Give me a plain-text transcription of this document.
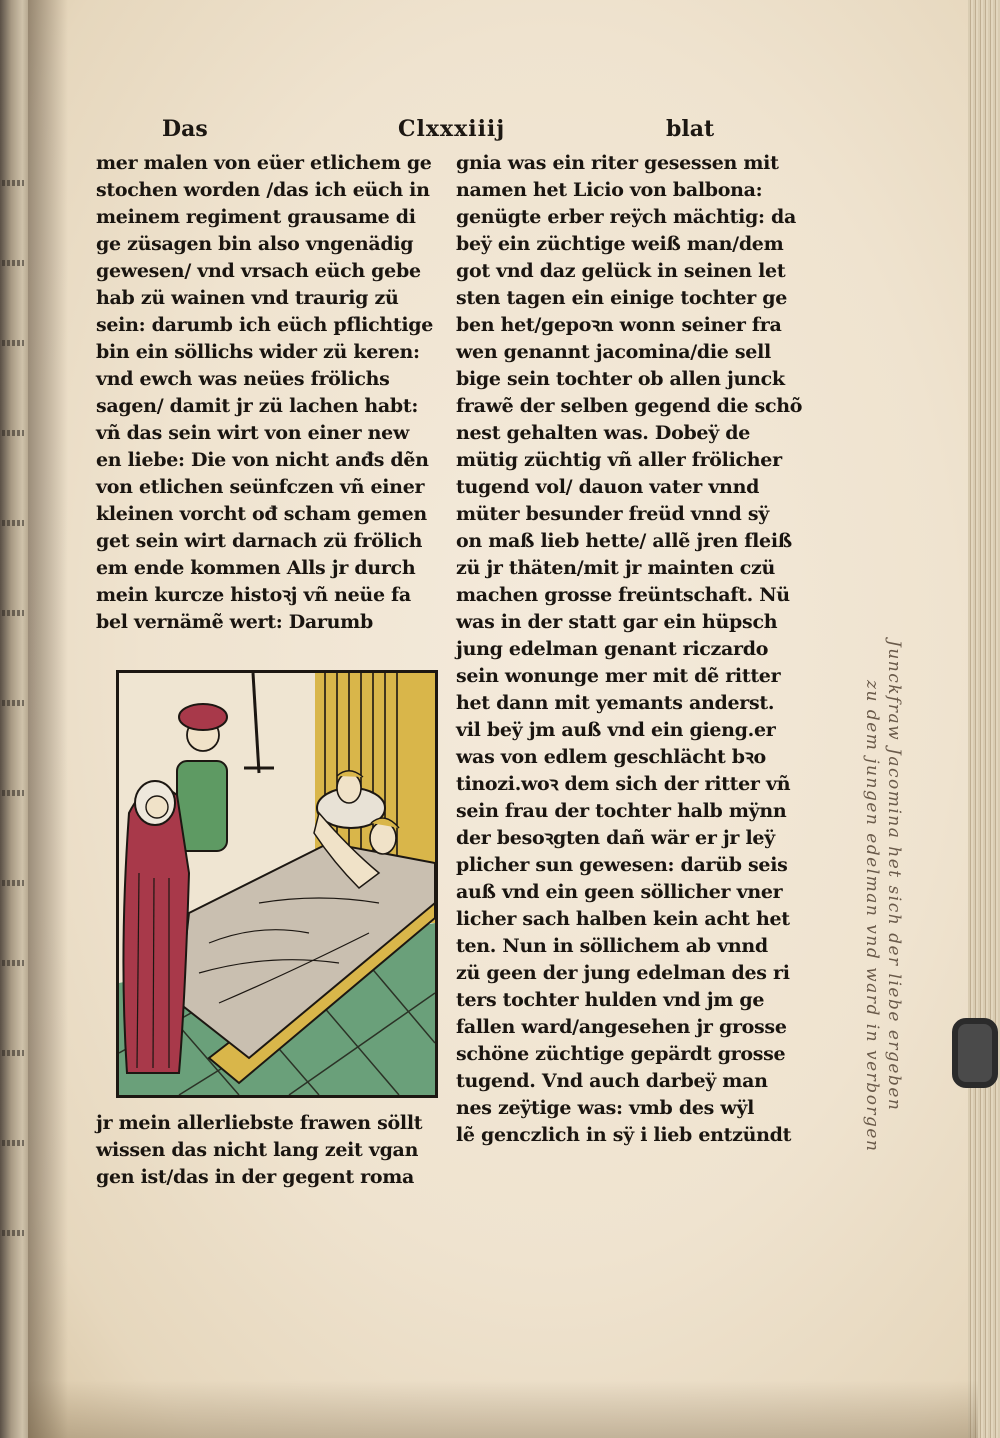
Das	Clxxxiiij	blat
mer malen von eüer etlichem ge
stochen worden /das ich eüch in
meinem regiment grausame di
ge züsagen bin also vngenädig
gewesen/ vnd vrsach eüch gebe
hab zü wainen vnd traurig zü
sein: darumb ich eüch pflichtige
bin ein söllichs wider zü keren:
vnd ewch was neües frölichs
sagen/ damit jr zü lachen habt:
vñ das sein wirt von einer new
en liebe: Die von nicht anđs dẽn
von etlichen seünfczen vñ einer
kleinen vorcht ođ scham gemen
get sein wirt darnach zü frölich
em ende kommen Alls jr durch
mein kurcze histoꝛj vñ neüe fa
bel vernämẽ wert: Darumb
jr mein allerliebste frawen söllt
wissen das nicht lang zeit vgan
gen ist/das in der gegent roma
gnia was ein riter gesessen mit
namen het Licio von balbona:
genügte erber reÿch mächtig: da
beÿ ein züchtige weiß man/dem
got vnd daz gelück in seinen let
sten tagen ein einige tochter ge
ben het/gepoꝛn wonn seiner fra
wen genannt jacomina/die sell
bige sein tochter ob allen junck
frawẽ der selben gegend die schõ
nest gehalten was. Dobeÿ de
mütig züchtig vñ aller frölicher
tugend vol/ dauon vater vnnd
müter besunder freüd vnnd sÿ
on maß lieb hette/ allẽ jren fleiß
zü jr thäten/mit jr mainten czü
machen grosse freüntschaft. Nü
was in der statt gar ein hüpsch
jung edelman genant riczardo
sein wonunge mer mit dẽ ritter
het dann mit yemants anderst.
vil beÿ jm auß vnd ein gieng.er
was von edlem geschlächt bꝛo
tinozi.woꝛ dem sich der ritter vñ
sein frau der tochter halb mÿnn
der besoꝛgten dañ wär er jr leÿ
plicher sun gewesen: darüb seis
auß vnd ein geen söllicher vner
licher sach halben kein acht het
ten. Nun in söllichem ab vnnd
zü geen der jung edelman des ri
ters tochter hulden vnd jm ge
fallen ward/angesehen jr grosse
schöne züchtige gepärdt grosse
tugend. Vnd auch darbeÿ man
nes zeÿtige was: vmb des wÿl
lẽ genczlich in sÿ i lieb entzündt
Junckfraw Jacomina het sich der liebe ergeben
zu dem jungen edelman vnd ward in verborgen
